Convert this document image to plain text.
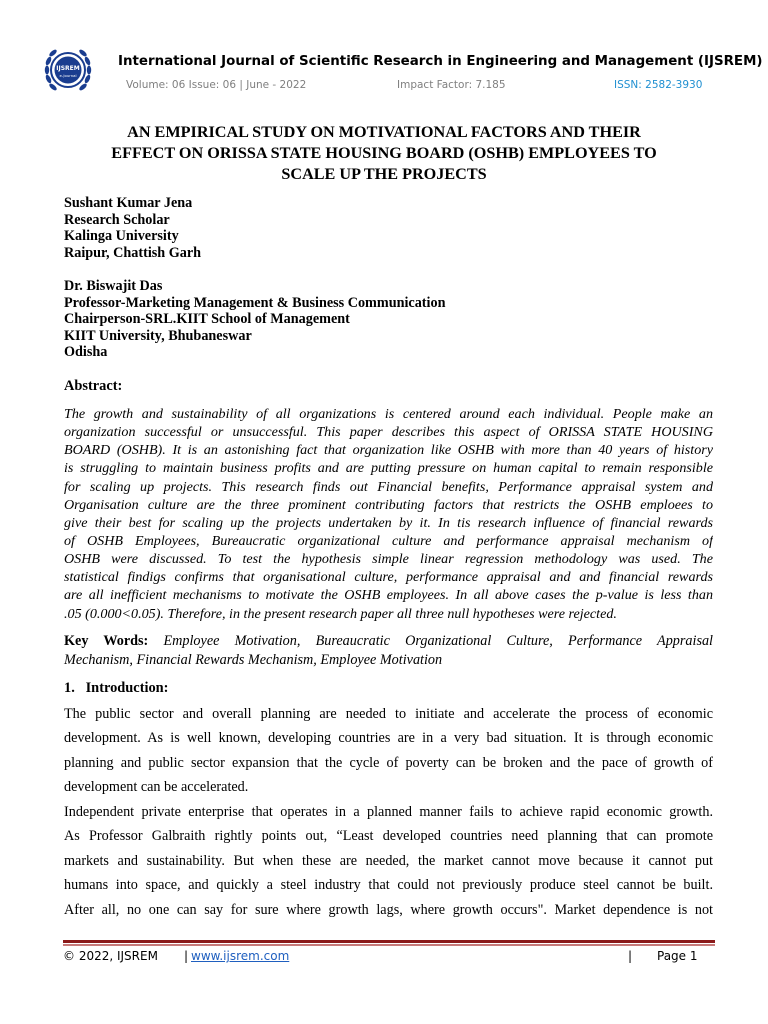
IJSREM
e-Journal
International Journal of Scientific Research in Engineering and Management (IJSREM)
Volume: 06 Issue: 06 | June - 2022	Impact Factor: 7.185	ISSN: 2582-3930
AN EMPIRICAL STUDY ON MOTIVATIONAL FACTORS AND THEIR
EFFECT ON ORISSA STATE HOUSING BOARD (OSHB) EMPLOYEES TO
SCALE UP THE PROJECTS
Sushant Kumar Jena
Research Scholar
Kalinga University
Raipur, Chattish Garh
Dr. Biswajit Das
Professor-Marketing Management & Business Communication
Chairperson-SRL.KIIT School of Management
KIIT University, Bhubaneswar
Odisha
Abstract:
The growth and sustainability of all organizations is centered around each individual. People make an
organization successful or unsuccessful. This paper describes this aspect of ORISSA STATE HOUSING
BOARD (OSHB). It is an astonishing fact that organization like OSHB with more than 40 years of history
is struggling to maintain business profits and are putting pressure on human capital to remain responsible
for scaling up projects. This research finds out Financial benefits, Performance appraisal system and
Organisation culture are the three prominent contributing factors that restricts the OSHB emploees to
give their best for scaling up the projects undertaken by it. In tis research influence of financial rewards
of OSHB Employees, Bureaucratic organizational culture and performance appraisal mechanism of
OSHB were discussed. To test the hypothesis simple linear regression methodology was used. The
statistical findigs confirms that organisational culture, performance appraisal and and financial rewards
are all inefficient mechanisms to motivate the OSHB employees. In all above cases the p-value is less than
.05 (0.000<0.05). Therefore, in the present research paper all three null hypotheses were rejected.
Key Words: Employee Motivation, Bureaucratic Organizational Culture, Performance Appraisal
Mechanism, Financial Rewards Mechanism, Employee Motivation
1.   Introduction:
The public sector and overall planning are needed to initiate and accelerate the process of economic
development. As is well known, developing countries are in a very bad situation. It is through economic
planning and public sector expansion that the cycle of poverty can be broken and the pace of growth of
development can be accelerated.
Independent private enterprise that operates in a planned manner fails to achieve rapid economic growth.
As Professor Galbraith rightly points out, “Least developed countries need planning that can promote
markets and sustainability. But when these are needed, the market cannot move because it cannot put
humans into space, and quickly a steel industry that could not previously produce steel cannot be built.
After all, no one can say for sure where growth lags, where growth occurs". Market dependence is not
© 2022, IJSREM | www.ijsrem.com	| Page 1
